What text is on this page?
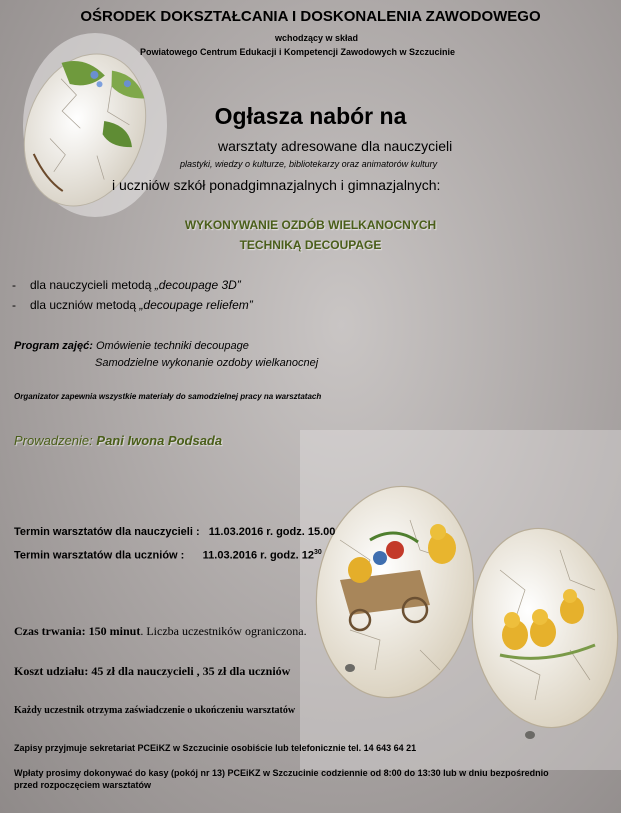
OŚRODEK DOKSZTAŁCANIA I DOSKONALENIA ZAWODOWEGO
wchodzący w skład
Powiatowego Centrum Edukacji i Kompetencji Zawodowych w Szczucinie
Ogłasza nabór na
warsztaty adresowane dla nauczycieli
plastyki, wiedzy o kulturze, bibliotekarzy oraz animatorów kultury
i uczniów szkół ponadgimnazjalnych i gimnazjalnych:
WYKONYWANIE OZDÓB WIELKANOCNYCH
TECHNIKĄ DECOUPAGE
- dla nauczycieli metodą „decoupage 3D”
- dla uczniów metodą „decoupage reliefem”
Program zajęć: Omówienie techniki decoupage
Samodzielne wykonanie ozdoby wielkanocnej
Organizator zapewnia wszystkie materiały do samodzielnej pracy na warsztatach
Prowadzenie: Pani Iwona Podsada
Termin warsztatów dla nauczycieli : 11.03.2016 r. godz. 15.00
Termin warsztatów dla uczniów : 11.03.2016 r. godz. $12^{30}$
Czas trwania: 150 minut. Liczba uczestników ograniczona.
Koszt udziału: 45 zł dla nauczycieli , 35 zł dla uczniów
Każdy uczestnik otrzyma zaświadczenie o ukończeniu warsztatów
Zapisy przyjmuje sekretariat PCEiKZ w Szczucinie osobiście lub telefonicznie tel. 14 643 64 21
Wpłaty prosimy dokonywać do kasy (pokój nr 13) PCEiKZ w Szczucinie codziennie od 8:00 do 13:30 lub w dniu bezpośrednio
przed rozpoczęciem warsztatów
